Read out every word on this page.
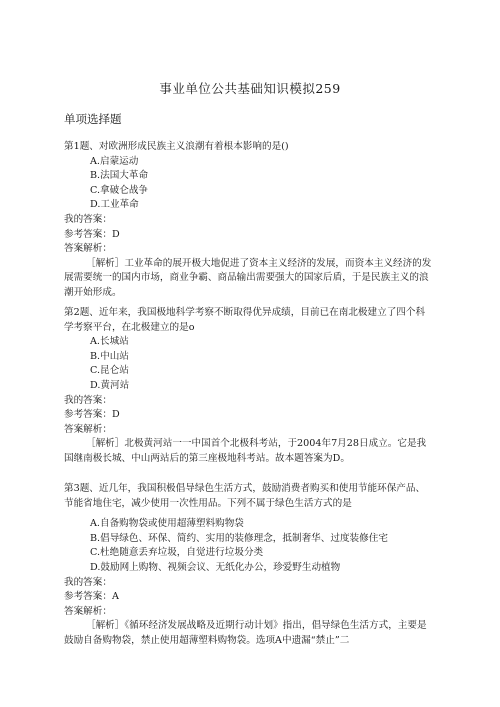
事业单位公共基础知识模拟259
单项选择题

第1题、对欧洲形成民族主义浪潮有着根本影响的是()

A.启蒙运动

B.法国大革命

C.拿破仑战争

D.工业革命

我的答案：

参考答案：D

答案解析：

［解析］工业革命的展开极大地促进了资本主义经济的发展，而资本主义经济的发展需要统一的国内市场，商业争霸、商品输出需要强大的国家后盾，于是民族主义的浪潮开始形成。

第2题、近年来，我国极地科学考察不断取得优异成绩，目前已在南北极建立了四个科学考察平台，在北极建立的是o

A.长城站

B.中山站

C.昆仑站

D.黄河站

我的答案：

参考答案：D

答案解析：

［解析］北极黄河站一一中国首个北极科考站，于2004年7月28日成立。它是我国继南极长城、中山两站后的第三座极地科考站。故本题答案为D。

第3题、近几年，我国积极倡导绿色生活方式，鼓励消费者购买和使用节能环保产品、节能省地住宅，减少使用一次性用品。下列不属于绿色生活方式的是

A.自备购物袋或使用超薄塑料购物袋

B.倡导绿色、环保、简约、实用的装修理念，抵制奢华、过度装修住宅

C.杜绝随意丢弃垃圾，自觉进行垃圾分类

D.鼓励网上购物、视频会议、无纸化办公，珍爱野生动植物

我的答案：

参考答案：A

答案解析：

［解析］《循环经济发展战略及近期行动计划》指出，倡导绿色生活方式，主要是鼓励自备购物袋，禁止使用超薄塑料购物袋。选项A中遗漏“禁止”二
